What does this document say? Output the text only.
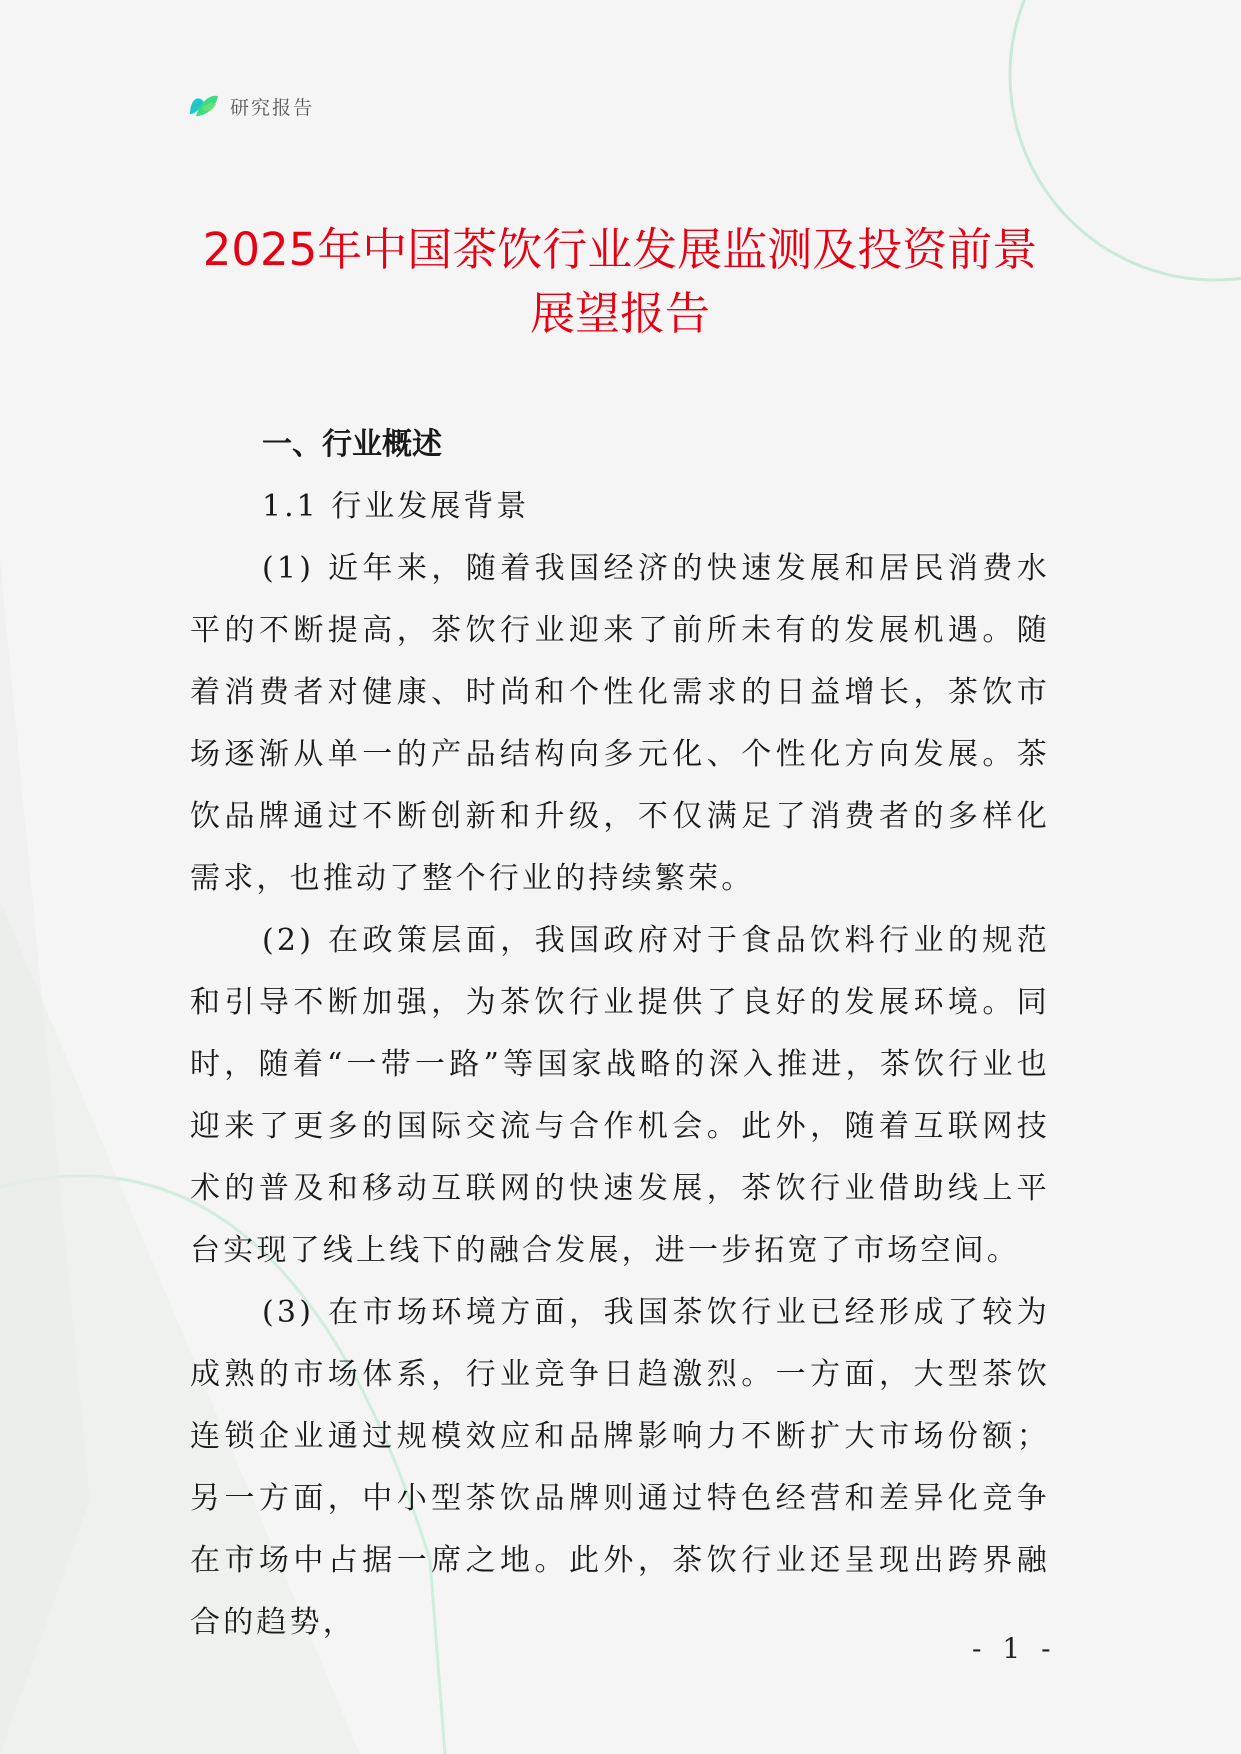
研究报告
2025年中国茶饮行业发展监测及投资前景
展望报告

一、行业概述

1.1 行业发展背景

(1) 近年来，随着我国经济的快速发展和居民消费水平的不断提高，茶饮行业迎来了前所未有的发展机遇。随着消费者对健康、时尚和个性化需求的日益增长，茶饮市场逐渐从单一的产品结构向多元化、个性化方向发展。茶饮品牌通过不断创新和升级，不仅满足了消费者的多样化需求，也推动了整个行业的持续繁荣。

(2) 在政策层面，我国政府对于食品饮料行业的规范和引导不断加强，为茶饮行业提供了良好的发展环境。同时，随着“一带一路”等国家战略的深入推进，茶饮行业也迎来了更多的国际交流与合作机会。此外，随着互联网技术的普及和移动互联网的快速发展，茶饮行业借助线上平台实现了线上线下的融合发展，进一步拓宽了市场空间。

(3) 在市场环境方面，我国茶饮行业已经形成了较为成熟的市场体系，行业竞争日趋激烈。一方面，大型茶饮连锁企业通过规模效应和品牌影响力不断扩大市场份额；另一方面，中小型茶饮品牌则通过特色经营和差异化竞争在市场中占据一席之地。此外，茶饮行业还呈现出跨界融合的趋势，

- 1 -
